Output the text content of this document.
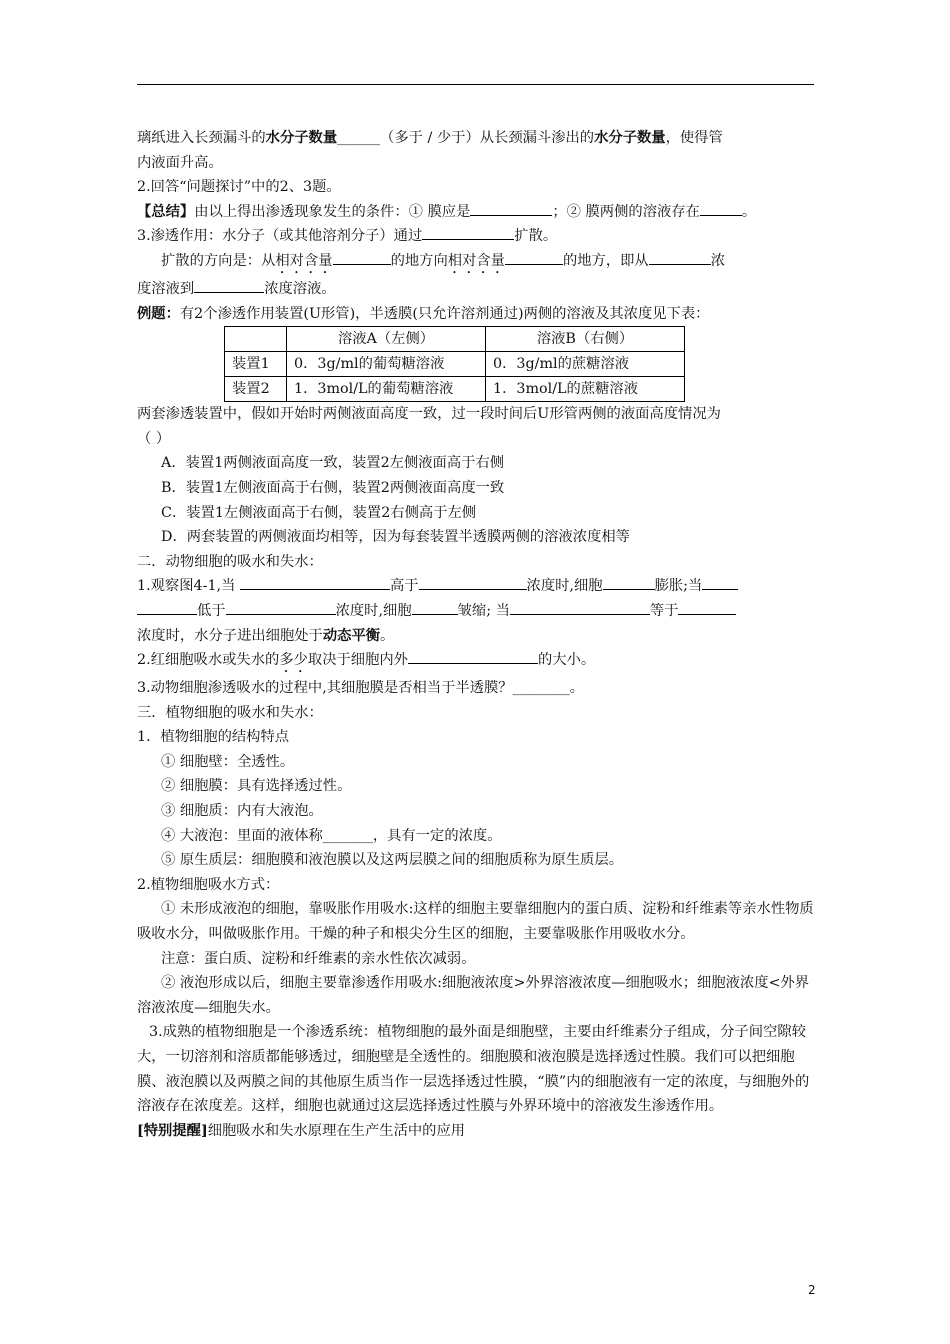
璃纸进入长颈漏斗的水分子数量______（多于 / 少于）从长颈漏斗渗出的水分子数量，使得管

内液面升高。

2.回答“问题探讨”中的2、3题。

【总结】由以上得出渗透现象发生的条件：① 膜应是	；② 膜两侧的溶液存在	。

3.渗透作用：水分子（或其他溶剂分子）通过	扩散。

扩散的方向是：从相对含量	的地方向相对含量	的地方，即从	浓

度溶液到	浓度溶液。

例题：有2个渗透作用装置(U形管)，半透膜(只允许溶剂通过)两侧的溶液及其浓度见下表：

	溶液A（左侧）	溶液B（右侧）
装置1	0．3g/ml的葡萄糖溶液	0．3g/ml的蔗糖溶液
装置2	1．3mol/L的葡萄糖溶液	1．3mol/L的蔗糖溶液

两套渗透装置中，假如开始时两侧液面高度一致，过一段时间后U形管两侧的液面高度情况为

（ ）

A．装置1两侧液面高度一致，装置2左侧液面高于右侧

B．装置1左侧液面高于右侧，装置2两侧液面高度一致

C．装置1左侧液面高于右侧，装置2右侧高于左侧

D．两套装置的两侧液面均相等，因为每套装置半透膜两侧的溶液浓度相等

二．动物细胞的吸水和失水：

1.观察图4-1,当	高于	浓度时,细胞	膨胀;当

低于	浓度时,细胞	皱缩; 当	等于

浓度时，水分子进出细胞处于动态平衡。

2.红细胞吸水或失水的多少取决于细胞内外	的大小。

3.动物细胞渗透吸水的过程中,其细胞膜是否相当于半透膜？________。

三．植物细胞的吸水和失水：

1．植物细胞的结构特点

① 细胞壁：全透性。

② 细胞膜：具有选择透过性。

③ 细胞质：内有大液泡。

④ 大液泡：里面的液体称_______，具有一定的浓度。

⑤ 原生质层：细胞膜和液泡膜以及这两层膜之间的细胞质称为原生质层。

2.植物细胞吸水方式：

① 未形成液泡的细胞，靠吸胀作用吸水:这样的细胞主要靠细胞内的蛋白质、淀粉和纤维素等亲水性物质吸收水分，叫做吸胀作用。干燥的种子和根尖分生区的细胞，主要靠吸胀作用吸收水分。

注意：蛋白质、淀粉和纤维素的亲水性依次减弱。

② 液泡形成以后，细胞主要靠渗透作用吸水:细胞液浓度>外界溶液浓度—细胞吸水；细胞液浓度<外界溶液浓度—细胞失水。

3.成熟的植物细胞是一个渗透系统：植物细胞的最外面是细胞壁，主要由纤维素分子组成，分子间空隙较大，一切溶剂和溶质都能够透过，细胞壁是全透性的。细胞膜和液泡膜是选择透过性膜。我们可以把细胞膜、液泡膜以及两膜之间的其他原生质当作一层选择透过性膜，“膜”内的细胞液有一定的浓度，与细胞外的溶液存在浓度差。这样，细胞也就通过这层选择透过性膜与外界环境中的溶液发生渗透作用。

[特别提醒]细胞吸水和失水原理在生产生活中的应用

2
